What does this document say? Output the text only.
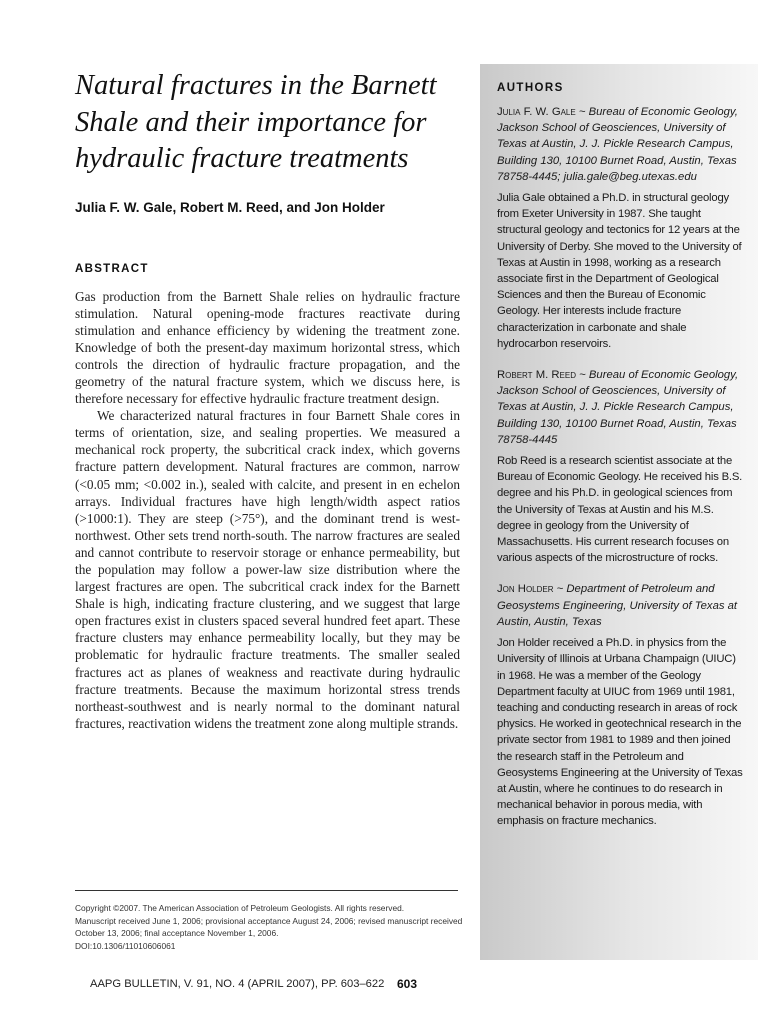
Natural fractures in the Barnett Shale and their importance for hydraulic fracture treatments
Julia F. W. Gale, Robert M. Reed, and Jon Holder
ABSTRACT

Gas production from the Barnett Shale relies on hydraulic fracture stimulation. Natural opening-mode fractures reactivate during stimulation and enhance efficiency by widening the treatment zone. Knowledge of both the present-day maximum horizontal stress, which controls the direction of hydraulic fracture propagation, and the geometry of the natural fracture system, which we discuss here, is therefore necessary for effective hydraulic fracture treatment design.

We characterized natural fractures in four Barnett Shale cores in terms of orientation, size, and sealing properties. We measured a mechanical rock property, the subcritical crack index, which governs fracture pattern development. Natural fractures are common, narrow (<0.05 mm; <0.002 in.), sealed with calcite, and present in en echelon arrays. Individual fractures have high length/width aspect ratios (>1000:1). They are steep (>75°), and the dominant trend is west-northwest. Other sets trend north-south. The narrow fractures are sealed and cannot contribute to reservoir storage or enhance permeability, but the population may follow a power-law size distribution where the largest fractures are open. The subcritical crack index for the Barnett Shale is high, indicating fracture clustering, and we suggest that large open fractures exist in clusters spaced several hundred feet apart. These fracture clusters may enhance permeability locally, but they may be problematic for hydraulic fracture treatments. The smaller sealed fractures act as planes of weakness and reactivate during hydraulic fracture treatments. Because the maximum horizontal stress trends northeast-southwest and is nearly normal to the dominant natural fractures, reactivation widens the treatment zone along multiple strands.

Copyright ©2007. The American Association of Petroleum Geologists. All rights reserved.
Manuscript received June 1, 2006; provisional acceptance August 24, 2006; revised manuscript received
October 13, 2006; final acceptance November 1, 2006.
DOI:10.1306/11010606061
AAPG BULLETIN, V. 91, NO. 4 (APRIL 2007), PP. 603–622	603
AUTHORS
Julia F. W. Gale ~ Bureau of Economic Geology, Jackson School of Geosciences, University of Texas at Austin, J. J. Pickle Research Campus, Building 130, 10100 Burnet Road, Austin, Texas 78758-4445; julia.gale@beg.utexas.edu
Julia Gale obtained a Ph.D. in structural geology from Exeter University in 1987. She taught structural geology and tectonics for 12 years at the University of Derby. She moved to the University of Texas at Austin in 1998, working as a research associate first in the Department of Geological Sciences and then the Bureau of Economic Geology. Her interests include fracture characterization in carbonate and shale hydrocarbon reservoirs.
Robert M. Reed ~ Bureau of Economic Geology, Jackson School of Geosciences, University of Texas at Austin, J. J. Pickle Research Campus, Building 130, 10100 Burnet Road, Austin, Texas 78758-4445
Rob Reed is a research scientist associate at the Bureau of Economic Geology. He received his B.S. degree and his Ph.D. in geological sciences from the University of Texas at Austin and his M.S. degree in geology from the University of Massachusetts. His current research focuses on various aspects of the microstructure of rocks.
Jon Holder ~ Department of Petroleum and Geosystems Engineering, University of Texas at Austin, Austin, Texas
Jon Holder received a Ph.D. in physics from the University of Illinois at Urbana Champaign (UIUC) in 1968. He was a member of the Geology Department faculty at UIUC from 1969 until 1981, teaching and conducting research in areas of rock physics. He worked in geotechnical research in the private sector from 1981 to 1989 and then joined the research staff in the Petroleum and Geosystems Engineering at the University of Texas at Austin, where he continues to do research in mechanical behavior in porous media, with emphasis on fracture mechanics.
